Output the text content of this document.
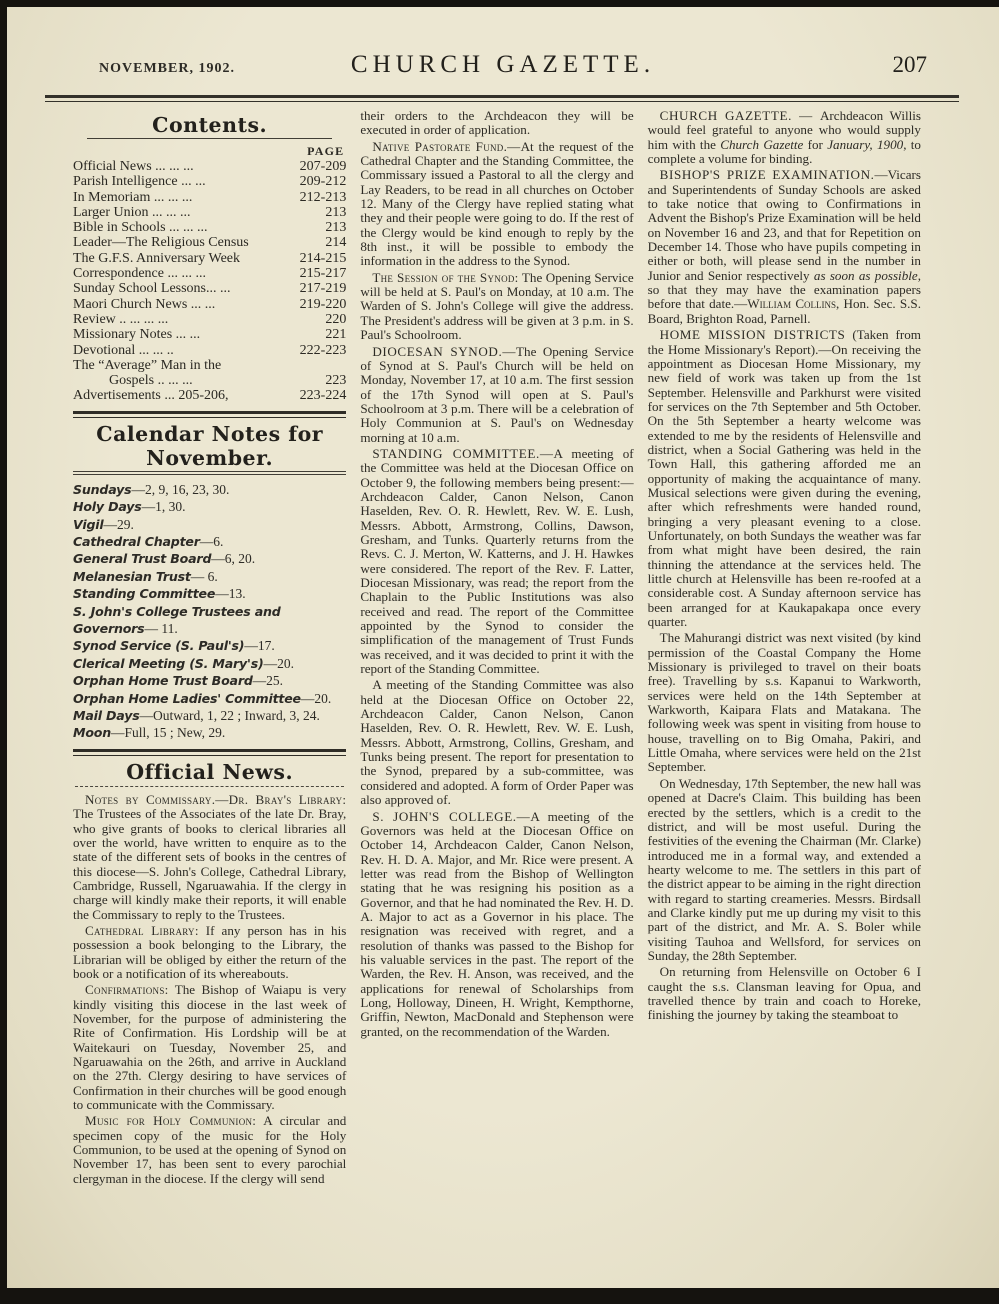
NOVEMBER, 1902.	CHURCH GAZETTE.	207
Contents.
PAGE
Official News ... ... ...	207-209
Parish Intelligence ... ...	209-212
In Memoriam ... ... ...	212-213
Larger Union ... ... ...	213
Bible in Schools ... ... ...	213
Leader—The Religious Census	214
The G.F.S. Anniversary Week	214-215
Correspondence ... ... ...	215-217
Sunday School Lessons... ...	217-219
Maori Church News ... ...	219-220
Review .. ... ... ...	220
Missionary Notes ... ...	221
Devotional ... ... ..	222-223
The “Average” Man in the
Gospels .. ... ...	223
Advertisements ... 205-206,	223-224
Calendar Notes for November.
Sundays—2, 9, 16, 23, 30.
Holy Days—1, 30.
Vigil—29.
Cathedral Chapter—6.
General Trust Board—6, 20.
Melanesian Trust— 6.
Standing Committee—13.
S. John's College Trustees and Governors— 11.
Synod Service (S. Paul's)—17.
Clerical Meeting (S. Mary's)—20.
Orphan Home Trust Board—25.
Orphan Home Ladies' Committee—20.
Mail Days—Outward, 1, 22 ; Inward, 3, 24.
Moon—Full, 15 ; New, 29.
Official News.

Notes by Commissary.—Dr. Bray's Library: The Trustees of the Associates of the late Dr. Bray, who give grants of books to clerical libraries all over the world, have written to enquire as to the state of the different sets of books in the centres of this diocese—S. John's College, Cathedral Library, Cambridge, Russell, Ngaruawahia. If the clergy in charge will kindly make their reports, it will enable the Commissary to reply to the Trustees.

Cathedral Library: If any person has in his possession a book belonging to the Library, the Librarian will be obliged by either the return of the book or a notification of its whereabouts.

Confirmations: The Bishop of Waiapu is very kindly visiting this diocese in the last week of November, for the purpose of administering the Rite of Confirmation. His Lordship will be at Waitekauri on Tuesday, November 25, and Ngaruawahia on the 26th, and arrive in Auckland on the 27th. Clergy desiring to have services of Confirmation in their churches will be good enough to communicate with the Commissary.

Music for Holy Communion: A circular and specimen copy of the music for the Holy Communion, to be used at the opening of Synod on November 17, has been sent to every parochial clergyman in the diocese. If the clergy will send

their orders to the Archdeacon they will be executed in order of application.

Native Pastorate Fund.—At the request of the Cathedral Chapter and the Standing Committee, the Commissary issued a Pastoral to all the clergy and Lay Readers, to be read in all churches on October 12. Many of the Clergy have replied stating what they and their people were going to do. If the rest of the Clergy would be kind enough to reply by the 8th inst., it will be possible to embody the information in the address to the Synod.

The Session of the Synod: The Opening Service will be held at S. Paul's on Monday, at 10 a.m. The Warden of S. John's College will give the address. The President's address will be given at 3 p.m. in S. Paul's Schoolroom.

DIOCESAN SYNOD.—The Opening Service of Synod at S. Paul's Church will be held on Monday, November 17, at 10 a.m. The first session of the 17th Synod will open at S. Paul's Schoolroom at 3 p.m. There will be a celebration of Holy Communion at S. Paul's on Wednesday morning at 10 a.m.

STANDING COMMITTEE.—A meeting of the Committee was held at the Diocesan Office on October 9, the following members being present:—Archdeacon Calder, Canon Nelson, Canon Haselden, Rev. O. R. Hewlett, Rev. W. E. Lush, Messrs. Abbott, Armstrong, Collins, Dawson, Gresham, and Tunks. Quarterly returns from the Revs. C. J. Merton, W. Katterns, and J. H. Hawkes were considered. The report of the Rev. F. Latter, Diocesan Missionary, was read; the report from the Chaplain to the Public Institutions was also received and read. The report of the Committee appointed by the Synod to consider the simplification of the management of Trust Funds was received, and it was decided to print it with the report of the Standing Committee.

A meeting of the Standing Committee was also held at the Diocesan Office on October 22, Archdeacon Calder, Canon Nelson, Canon Haselden, Rev. O. R. Hewlett, Rev. W. E. Lush, Messrs. Abbott, Armstrong, Collins, Gresham, and Tunks being present. The report for presentation to the Synod, prepared by a sub-committee, was considered and adopted. A form of Order Paper was also approved of.

S. JOHN'S COLLEGE.—A meeting of the Governors was held at the Diocesan Office on October 14, Archdeacon Calder, Canon Nelson, Rev. H. D. A. Major, and Mr. Rice were present. A letter was read from the Bishop of Wellington stating that he was resigning his position as a Governor, and that he had nominated the Rev. H. D. A. Major to act as a Governor in his place. The resignation was received with regret, and a resolution of thanks was passed to the Bishop for his valuable services in the past. The report of the Warden, the Rev. H. Anson, was received, and the applications for renewal of Scholarships from Long, Holloway, Dineen, H. Wright, Kempthorne, Griffin, Newton, MacDonald and Stephenson were granted, on the recommendation of the Warden.

CHURCH GAZETTE. — Archdeacon Willis would feel grateful to anyone who would supply him with the Church Gazette for January, 1900, to complete a volume for binding.

BISHOP'S PRIZE EXAMINATION.—Vicars and Superintendents of Sunday Schools are asked to take notice that owing to Confirmations in Advent the Bishop's Prize Examination will be held on November 16 and 23, and that for Repetition on December 14. Those who have pupils competing in either or both, will please send in the number in Junior and Senior respectively as soon as possible, so that they may have the examination papers before that date.—William Collins, Hon. Sec. S.S. Board, Brighton Road, Parnell.

HOME MISSION DISTRICTS (Taken from the Home Missionary's Report).—On receiving the appointment as Diocesan Home Missionary, my new field of work was taken up from the 1st September. Helensville and Parkhurst were visited for services on the 7th September and 5th October. On the 5th September a hearty welcome was extended to me by the residents of Helensville and district, when a Social Gathering was held in the Town Hall, this gathering afforded me an opportunity of making the acquaintance of many. Musical selections were given during the evening, after which refreshments were handed round, bringing a very pleasant evening to a close. Unfortunately, on both Sundays the weather was far from what might have been desired, the rain thinning the attendance at the services held. The little church at Helensville has been re-roofed at a considerable cost. A Sunday afternoon service has been arranged for at Kaukapakapa once every quarter.

The Mahurangi district was next visited (by kind permission of the Coastal Company the Home Missionary is privileged to travel on their boats free). Travelling by s.s. Kapanui to Warkworth, services were held on the 14th September at Warkworth, Kaipara Flats and Matakana. The following week was spent in visiting from house to house, travelling on to Big Omaha, Pakiri, and Little Omaha, where services were held on the 21st September.

On Wednesday, 17th September, the new hall was opened at Dacre's Claim. This building has been erected by the settlers, which is a credit to the district, and will be most useful. During the festivities of the evening the Chairman (Mr. Clarke) introduced me in a formal way, and extended a hearty welcome to me. The settlers in this part of the district appear to be aiming in the right direction with regard to starting creameries. Messrs. Birdsall and Clarke kindly put me up during my visit to this part of the district, and Mr. A. S. Boler while visiting Tauhoa and Wellsford, for services on Sunday, the 28th September.

On returning from Helensville on October 6 I caught the s.s. Clansman leaving for Opua, and travelled thence by train and coach to Horeke, finishing the journey by taking the steamboat to
